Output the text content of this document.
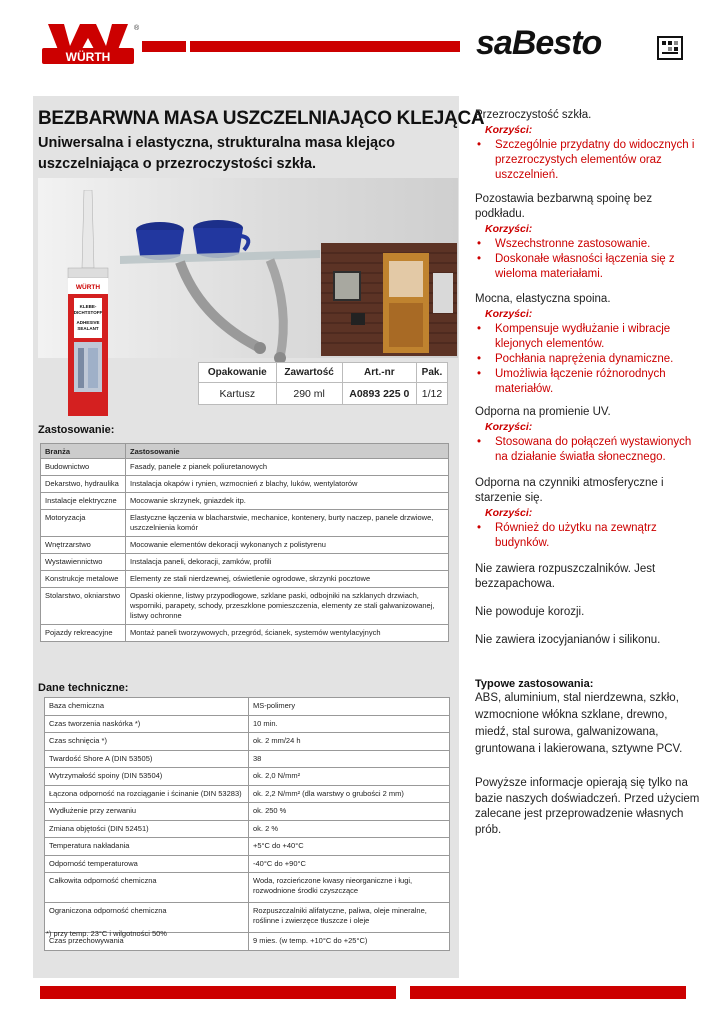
WÜRTH
®	saBesto
BEZBARWNA MASA USZCZELNIAJĄCO KLEJĄCA
Uniwersalna i elastyczna, strukturalna masa klejąco uszczelniająca o przezroczystości szkła.
WÜRTH
KLEBE-
DICHTSTOFF
ADHESIVE
SEALANT
Opakowanie	Zawartość	Art.-nr	Pak.
Kartusz	290 ml	A0893 225 0	1/12
Zastosowanie:
Branża	Zastosowanie
Budownictwo	Fasady, panele z pianek poliuretanowych
Dekarstwo, hydraulika	Instalacja okapów i rynien, wzmocnień z blachy, luków, wentylatorów
Instalacje elektryczne	Mocowanie skrzynek, gniazdek itp.
Motoryzacja	Elastyczne łączenia w blacharstwie, mechanice, kontenery, burty naczep, panele drzwiowe, uszczelnienia komór
Wnętrzarstwo	Mocowanie elementów dekoracji wykonanych z polistyrenu
Wystawiennictwo	Instalacja paneli, dekoracji, zamków, profili
Konstrukcje metalowe	Elementy ze stali nierdzewnej, oświetlenie ogrodowe, skrzynki pocztowe
Stolarstwo, okniarstwo	Opaski okienne, listwy przypodłogowe, szklane paski, odbojniki na szklanych drzwiach, wsporniki, parapety, schody, przeszklone pomieszczenia, elementy ze stali galwanizowanej, listwy ochronne
Pojazdy rekreacyjne	Montaż paneli tworzywowych, przegród, ścianek, systemów wentylacyjnych
Dane techniczne:
Baza chemiczna	MS-polimery
Czas tworzenia naskórka *)	10 min.
Czas schnięcia *)	ok. 2 mm/24 h
Twardość Shore A (DIN 53505)	38
Wytrzymałość spoiny (DIN 53504)	ok. 2,0 N/mm²
Łączona odporność na rozciąganie i ścinanie (DIN 53283)	ok. 2,2 N/mm² (dla warstwy o grubości 2 mm)
Wydłużenie przy zerwaniu	ok. 250 %
Zmiana objętości (DIN 52451)	ok. 2 %
Temperatura nakładania	+5°C do +40°C
Odporność temperaturowa	-40°C do +90°C
Całkowita odporność chemiczna	Woda, rozcieńczone kwasy nieorganiczne i ługi, rozwodnione środki czyszczące
Ograniczona odporność chemiczna	Rozpuszczalniki alifatyczne, paliwa, oleje mineralne, roślinne i zwierzęce tłuszcze i oleje
Czas przechowywania	9 mies. (w temp. +10°C do +25°C)
*) przy temp. 23°C i wilgotności 50%
Przezroczystość szkła.
Korzyści:
• Szczególnie przydatny do widocznych i przezroczystych elementów oraz uszczelnień.
Pozostawia bezbarwną spoinę bez podkładu.
Korzyści:
• Wszechstronne zastosowanie.
• Doskonałe własności łączenia się z wieloma materiałami.
Mocna, elastyczna spoina.
Korzyści:
• Kompensuje wydłużanie i wibracje klejonych elementów.
• Pochłania naprężenia dynamiczne.
• Umożliwia łączenie różnorodnych materiałów.
Odporna na promienie UV.
Korzyści:
• Stosowana do połączeń wystawionych na działanie światła słonecznego.
Odporna na czynniki atmosferyczne i starzenie się.
Korzyści:
• Również do użytku na zewnątrz budynków.
Nie zawiera rozpuszczalników. Jest bezzapachowa.
Nie powoduje korozji.
Nie zawiera izocyjanianów i silikonu.
Typowe zastosowania:
ABS, aluminium, stal nierdzewna, szkło, wzmocnione włókna szklane, drewno, miedź, stal surowa, galwanizowana, gruntowana i lakierowana, sztywne PCV.
Powyższe informacje opierają się tylko na bazie naszych doświadczeń. Przed użyciem zalecane jest przeprowadzenie własnych prób.
